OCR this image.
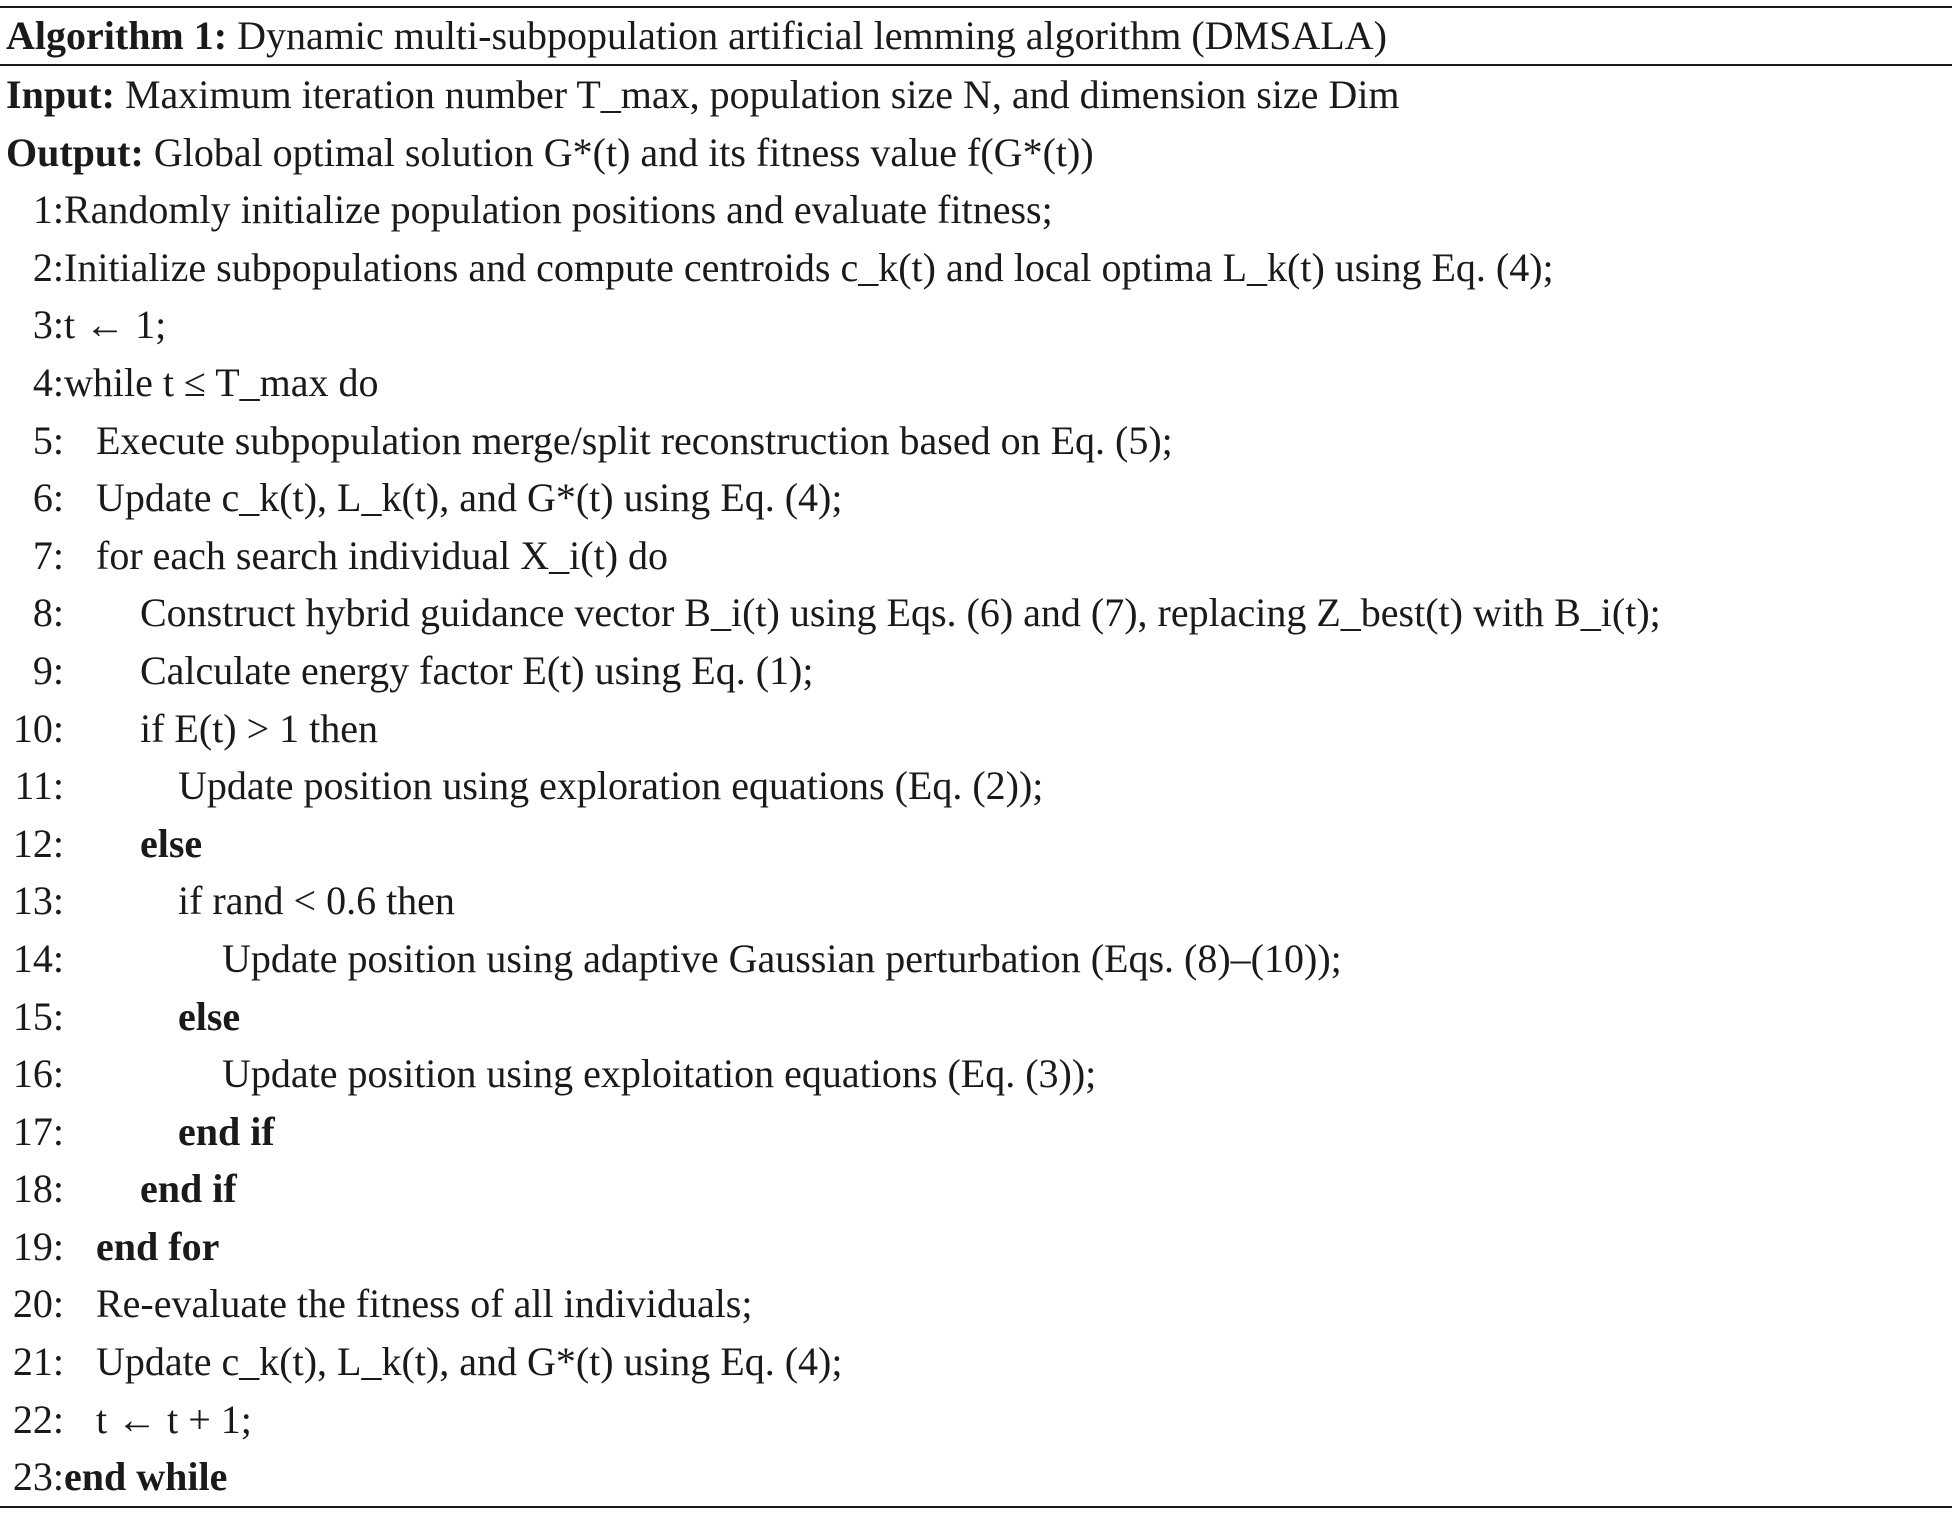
Algorithm 1: Dynamic multi-subpopulation artificial lemming algorithm (DMSALA)
Input: Maximum iteration number T_max, population size N, and dimension size Dim
Output: Global optimal solution G*(t) and its fitness value f(G*(t))
1: Randomly initialize population positions and evaluate fitness;
2: Initialize subpopulations and compute centroids c_k(t) and local optima L_k(t) using Eq. (4);
3: t ← 1;
4: while t ≤ T_max do
5: Execute subpopulation merge/split reconstruction based on Eq. (5);
6: Update c_k(t), L_k(t), and G*(t) using Eq. (4);
7: for each search individual X_i(t) do
8: Construct hybrid guidance vector B_i(t) using Eqs. (6) and (7), replacing Z_best(t) with B_i(t);
9: Calculate energy factor E(t) using Eq. (1);
10: if E(t) > 1 then
11:	Update position using exploration equations (Eq. (2));
12: else
13:	if rand < 0.6 then
14:	Update position using adaptive Gaussian perturbation (Eqs. (8)–(10));
15:	else
16:	Update position using exploitation equations (Eq. (3));
17:	end if
18: end if
19: end for
20: Re-evaluate the fitness of all individuals;
21: Update c_k(t), L_k(t), and G*(t) using Eq. (4);
22: t ← t + 1;
23: end while
